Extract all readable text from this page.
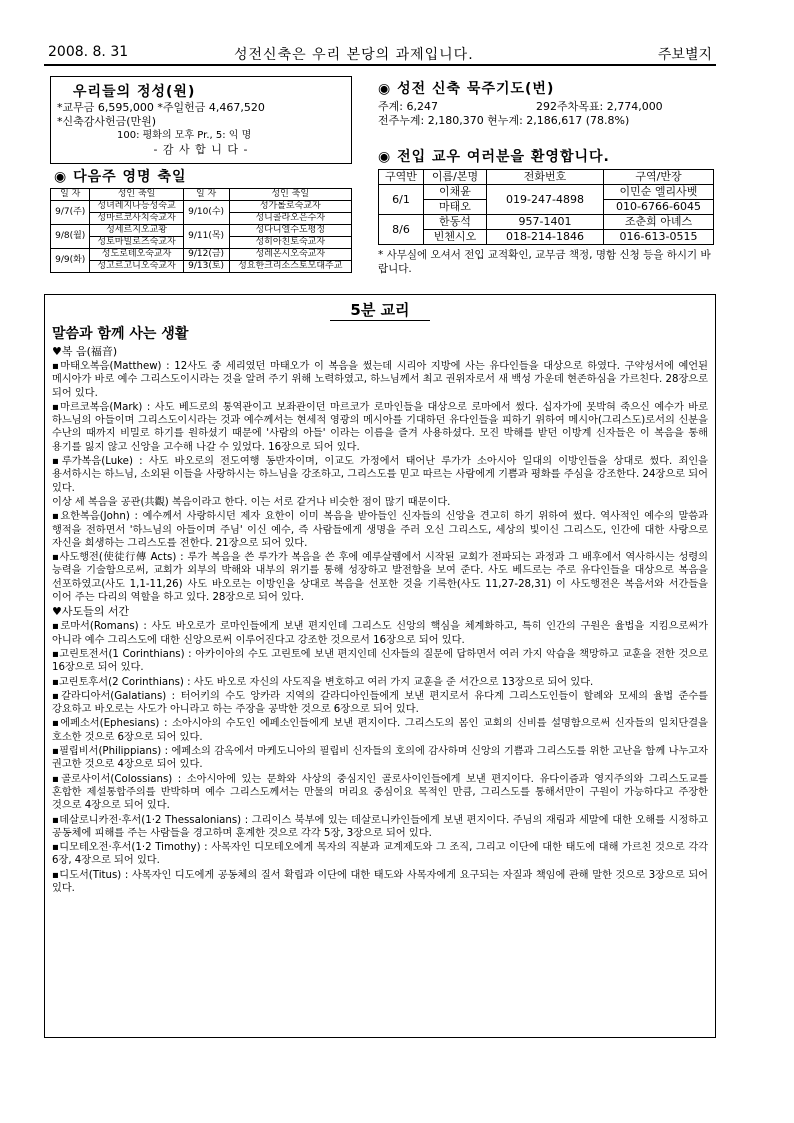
2008. 8. 31	성전신축은 우리 본당의 과제입니다.	주보별지
우리들의 정성(원)
*교무금 6,595,000 *주일헌금 4,467,520
*신축감사헌금(만원)
100: 평화의 모후 Pr., 5: 익 명
- 감 사 합 니 다 -
◉ 다음주 영명 축일
일 자	성인 축일	일 자	성인 축일
9/7(주)	성녀레지나등성숙교	9/10(수)	성가롤로숙교자
	성마르코사치숙교자		성니콜라오은수자
9/8(월)	성세르지오교황	9/11(목)	성다니엘수도평정
	성토마빌로즈숙교자		성히아친토숙교자
9/9(화)	성도로테오숙교자	9/12(금)	성레온시오숙교자
	성고르고니오숙교자	9/13(토)	성요한크리소스토모대주교
◉ 성전 신축 묵주기도(번)
주계: 6,247	292주차목표: 2,774,000
전주누계: 2,180,370 현누계: 2,186,617 (78.8%)
◉ 전입 교우 여러분을 환영합니다.
구역반	이름/본명	전화번호	구역/반장
6/1	이채윤	019-247-4898	이민순 엘리사벳
	마태오		010-6766-6045
8/6	한동석	957-1401	조춘희 아녜스
	빈첸시오	018-214-1846	016-613-0515
* 사무실에 오셔서 전입 교적확인, 교무금 책정, 명함 신청 등을 하시기 바랍니다.
5분 교리
말씀과 함께 사는 생활
♥복 음(福音)

▪마태오복음(Matthew) : 12사도 중 세리였던 마태오가 이 복음을 썼는데 시리아 지방에 사는 유다인들을 대상으로 하였다. 구약성서에 예언된 메시아가 바로 예수 그리스도이시라는 것을 알려 주기 위해 노력하였고, 하느님께서 최고 권위자로서 새 백성 가운데 현존하심을 가르친다. 28장으로 되어 있다.

▪마르코복음(Mark) : 사도 베드로의 통역관이고 보좌관이던 마르코가 로마인들을 대상으로 로마에서 썼다. 십자가에 못박혀 죽으신 예수가 바로 하느님의 아들이며 그리스도이시라는 것과 예수께서는 현세적 영광의 메시아를 기대하던 유다인들을 피하기 위하여 메시아(그리스도)로서의 신분을 수난의 때까지 비밀로 하기를 원하셨기 때문에 '사람의 아들' 이라는 이름을 즐겨 사용하셨다. 모진 박해를 받던 이방계 신자들은 이 복음을 통해 용기를 잃지 않고 신앙을 고수해 나갈 수 있었다. 16장으로 되어 있다.

▪루가복음(Luke) : 사도 바오로의 전도여행 동반자이며, 이교도 가정에서 태어난 루가가 소아시아 일대의 이방인들을 상대로 썼다. 죄인을 용서하시는 하느님, 소외된 이들을 사랑하시는 하느님을 강조하고, 그리스도를 믿고 따르는 사람에게 기쁨과 평화를 주심을 강조한다. 24장으로 되어 있다.

이상 세 복음을 공관(共觀) 복음이라고 한다. 이는 서로 같거나 비슷한 점이 많기 때문이다.

▪요한복음(John) : 예수께서 사랑하시던 제자 요한이 이미 복음을 받아들인 신자들의 신앙을 견고히 하기 위하여 썼다. 역사적인 예수의 말씀과 행적을 전하면서 '하느님의 아들이며 주님' 이신 예수, 즉 사람들에게 생명을 주러 오신 그리스도, 세상의 빛이신 그리스도, 인간에 대한 사랑으로 자신을 희생하는 그리스도를 전한다. 21장으로 되어 있다.

▪사도행전(使徒行傳 Acts) : 루가 복음을 쓴 루가가 복음을 쓴 후에 예루살렘에서 시작된 교회가 전파되는 과정과 그 배후에서 역사하시는 성령의 능력을 기술함으로써, 교회가 외부의 박해와 내부의 위기를 통해 성장하고 발전함을 보여 준다. 사도 베드로는 주로 유다인들을 대상으로 복음을 선포하였고(사도 1,1-11,26) 사도 바오로는 이방인을 상대로 복음을 선포한 것을 기록한(사도 11,27-28,31) 이 사도행전은 복음서와 서간들을 이어 주는 다리의 역할을 하고 있다. 28장으로 되어 있다.

♥사도들의 서간

▪로마서(Romans) : 사도 바오로가 로마인들에게 보낸 편지인데 그리스도 신앙의 핵심을 체계화하고, 특히 인간의 구원은 율법을 지킴으로써가 아니라 예수 그리스도에 대한 신앙으로써 이루어진다고 강조한 것으로서 16장으로 되어 있다.

▪고린토전서(1 Corinthians) : 아카이아의 수도 고린토에 보낸 편지인데 신자들의 질문에 답하면서 여러 가지 악습을 책망하고 교훈을 전한 것으로 16장으로 되어 있다.

▪고린토후서(2 Corinthians) : 사도 바오로 자신의 사도직을 변호하고 여러 가지 교훈을 준 서간으로 13장으로 되어 있다.

▪갈라디아서(Galatians) : 터어키의 수도 앙카라 지역의 갈라디아인들에게 보낸 편지로서 유다계 그리스도인들이 할례와 모세의 율법 준수를 강요하고 바오로는 사도가 아니라고 하는 주장을 공박한 것으로 6장으로 되어 있다.

▪에페소서(Ephesians) : 소아시아의 수도인 에페소인들에게 보낸 편지이다. 그리스도의 몸인 교회의 신비를 설명함으로써 신자들의 일치단결을 호소한 것으로 6장으로 되어 있다.

▪필립비서(Philippians) : 에페소의 감옥에서 마케도니아의 필립비 신자들의 호의에 감사하며 신앙의 기쁨과 그리스도를 위한 고난을 함께 나누고자 권고한 것으로 4장으로 되어 있다.

▪골로사이서(Colossians) : 소아시아에 있는 문화와 사상의 중심지인 골로사이인들에게 보낸 편지이다. 유다이즘과 영지주의와 그리스도교를 혼합한 제설통합주의를 반박하며 예수 그리스도께서는 만물의 머리요 중심이요 목적인 만큼, 그리스도를 통해서만이 구원이 가능하다고 주장한 것으로 4장으로 되어 있다.

▪데살로니카전·후서(1·2 Thessalonians) : 그리이스 북부에 있는 데살로니카인들에게 보낸 편지이다. 주님의 재림과 세말에 대한 오해를 시정하고 공동체에 피해를 주는 사람들을 경고하며 훈계한 것으로 각각 5장, 3장으로 되어 있다.

▪디모테오전·후서(1·2 Timothy) : 사목자인 디모테오에게 목자의 직분과 교계제도와 그 조직, 그리고 이단에 대한 태도에 대해 가르친 것으로 각각 6장, 4장으로 되어 있다.

▪디도서(Titus) : 사목자인 디도에게 공동체의 질서 확립과 이단에 대한 태도와 사목자에게 요구되는 자질과 책임에 관해 말한 것으로 3장으로 되어 있다.
